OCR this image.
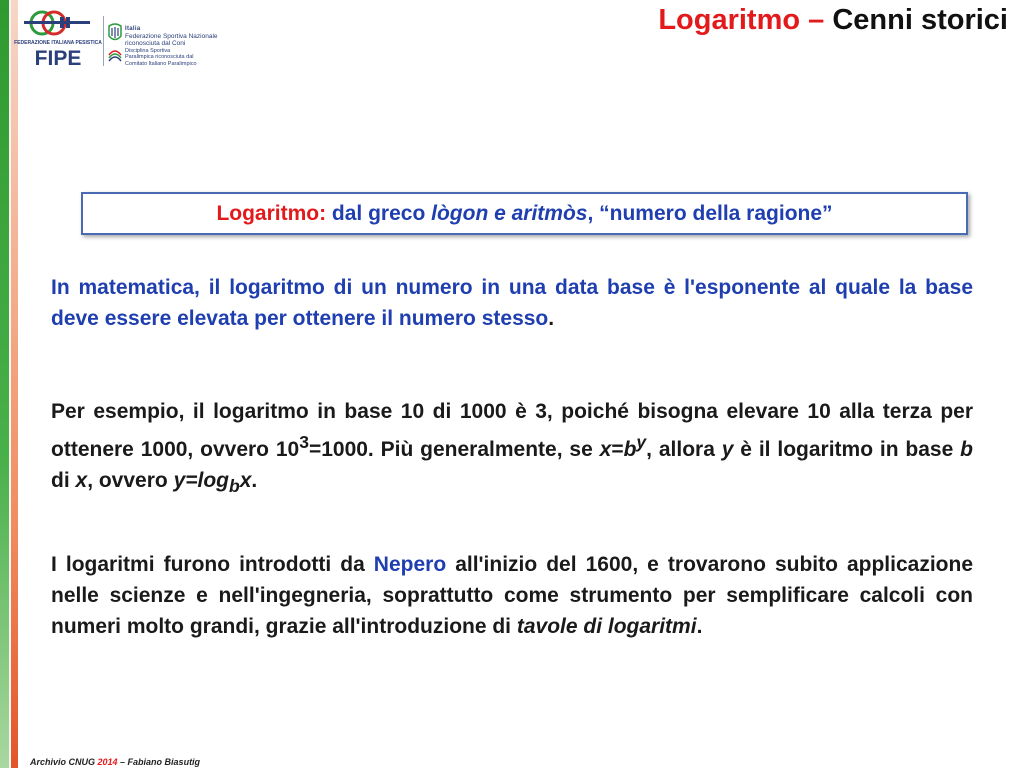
FEDERAZIONE ITALIANA PESISTICA
FIPE
Italia
Federazione Sportiva Nazionale
riconosciuta dal Coni
Disciplina Sportiva
Paralimpica riconosciuta dal
Comitato Italiano Paralimpico
Logaritmo – Cenni storici
Logaritmo: dal greco lògon e aritmòs , “numero della ragione”
In matematica, il logaritmo di un numero in una data base è l'esponente al quale la base deve essere elevata per ottenere il numero stesso.
Per esempio, il logaritmo in base 10 di 1000 è 3, poiché bisogna elevare 10 alla terza per ottenere 1000, ovvero $10^3=1000$. Più generalmente, se $x=b^y$, allora y è il logaritmo in base b di x, ovvero $y=\log_bx$.
I logaritmi furono introdotti da Nepero all'inizio del 1600, e trovarono subito applicazione nelle scienze e nell'ingegneria, soprattutto come strumento per semplificare calcoli con numeri molto grandi, grazie all'introduzione di tavole di logaritmi.
Archivio CNUG 2014 – Fabiano Biasutig
